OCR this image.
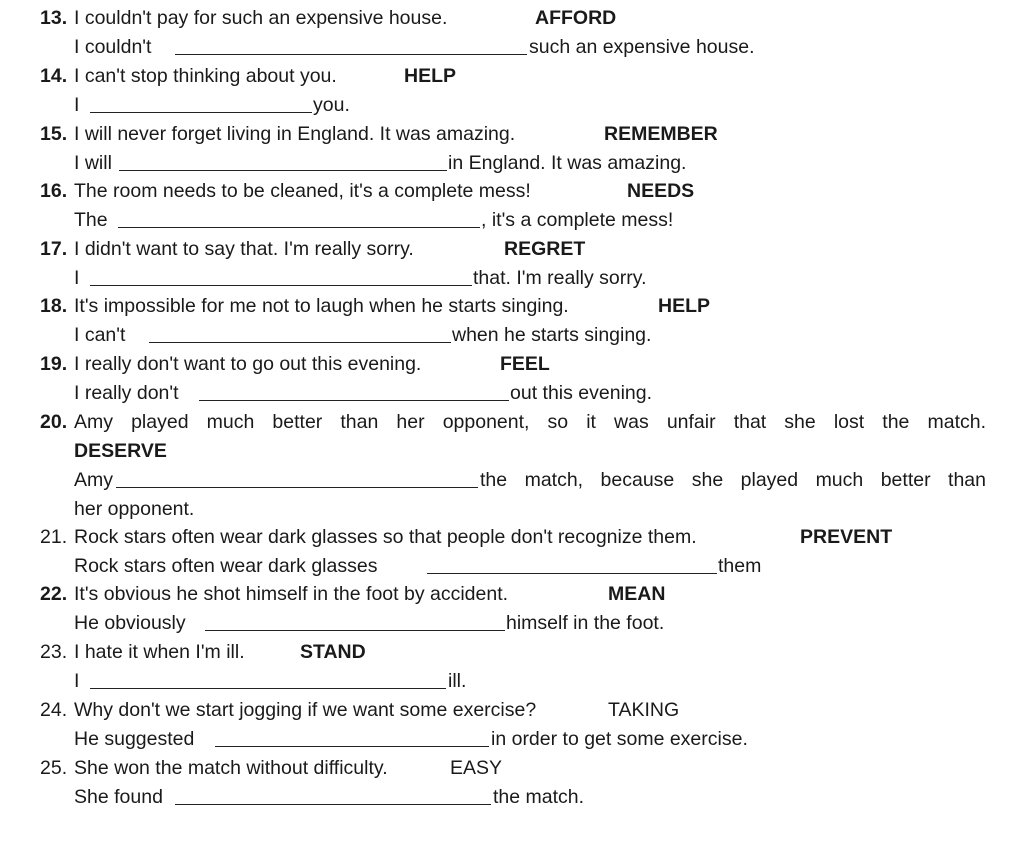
13. I couldn't pay for such an expensive house.	AFFORD
I couldn't	such an expensive house.
14. I can't stop thinking about you.	HELP
I	you.
15. I will never forget living in England. It was amazing.	REMEMBER
I will	in England. It was amazing.
16. The room needs to be cleaned, it's a complete mess!	NEEDS
The	, it's a complete mess!
17. I didn't want to say that. I'm really sorry.	REGRET
I	that. I'm really sorry.
18. It's impossible for me not to laugh when he starts singing.	HELP
I can't	when he starts singing.
19. I really don't want to go out this evening.	FEEL
I really don't	out this evening.
20. Amy played much better than her opponent, so it was unfair that she lost the match.
DESERVE
Amy	the match, because she played much better than
her opponent.
21. Rock stars often wear dark glasses so that people don't recognize them.	PREVENT
Rock stars often wear dark glasses	them
22. It's obvious he shot himself in the foot by accident.	MEAN
He obviously	himself in the foot.
23. I hate it when I'm ill.	STAND
I	ill.
24. Why don't we start jogging if we want some exercise?	TAKING
He suggested	in order to get some exercise.
25. She won the match without difficulty.	EASY
She found	the match.
